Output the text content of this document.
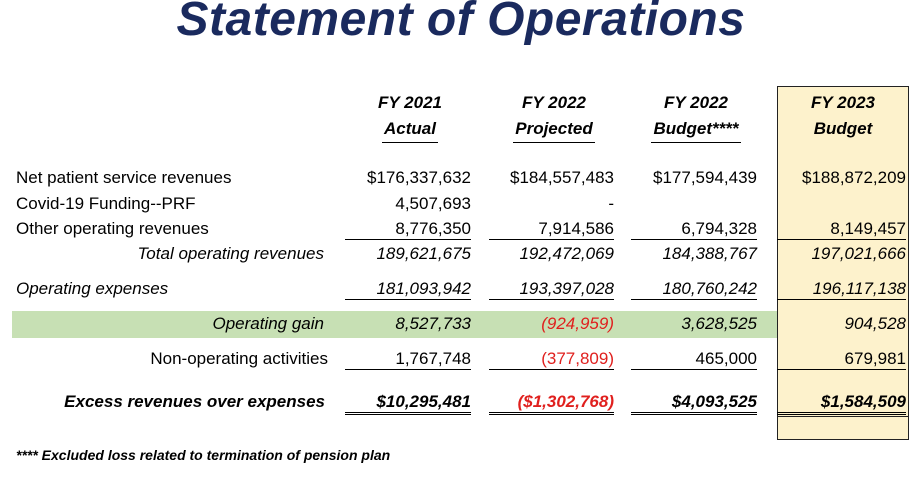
Statement of Operations
FY 2021
Actual
FY 2022
Projected
FY 2022
Budget****
FY 2023
Budget
Net patient service revenues	$176,337,632 $184,557,483 $177,594,439	$188,872,209
Covid-19 Funding--PRF	4,507,693	-
Other operating revenues	8,776,350	7,914,586	6,794,328	8,149,457
Total operating revenues	189,621,675	192,472,069	184,388,767	197,021,666
Operating expenses	181,093,942	193,397,028	180,760,242	196,117,138
Operating gain	8,527,733	(924,959)	3,628,525	904,528
Non-operating activities	1,767,748	(377,809)	465,000	679,981
Excess revenues over expenses	$10,295,481	($1,302,768)	$4,093,525	$1,584,509
**** Excluded loss related to termination of pension plan
